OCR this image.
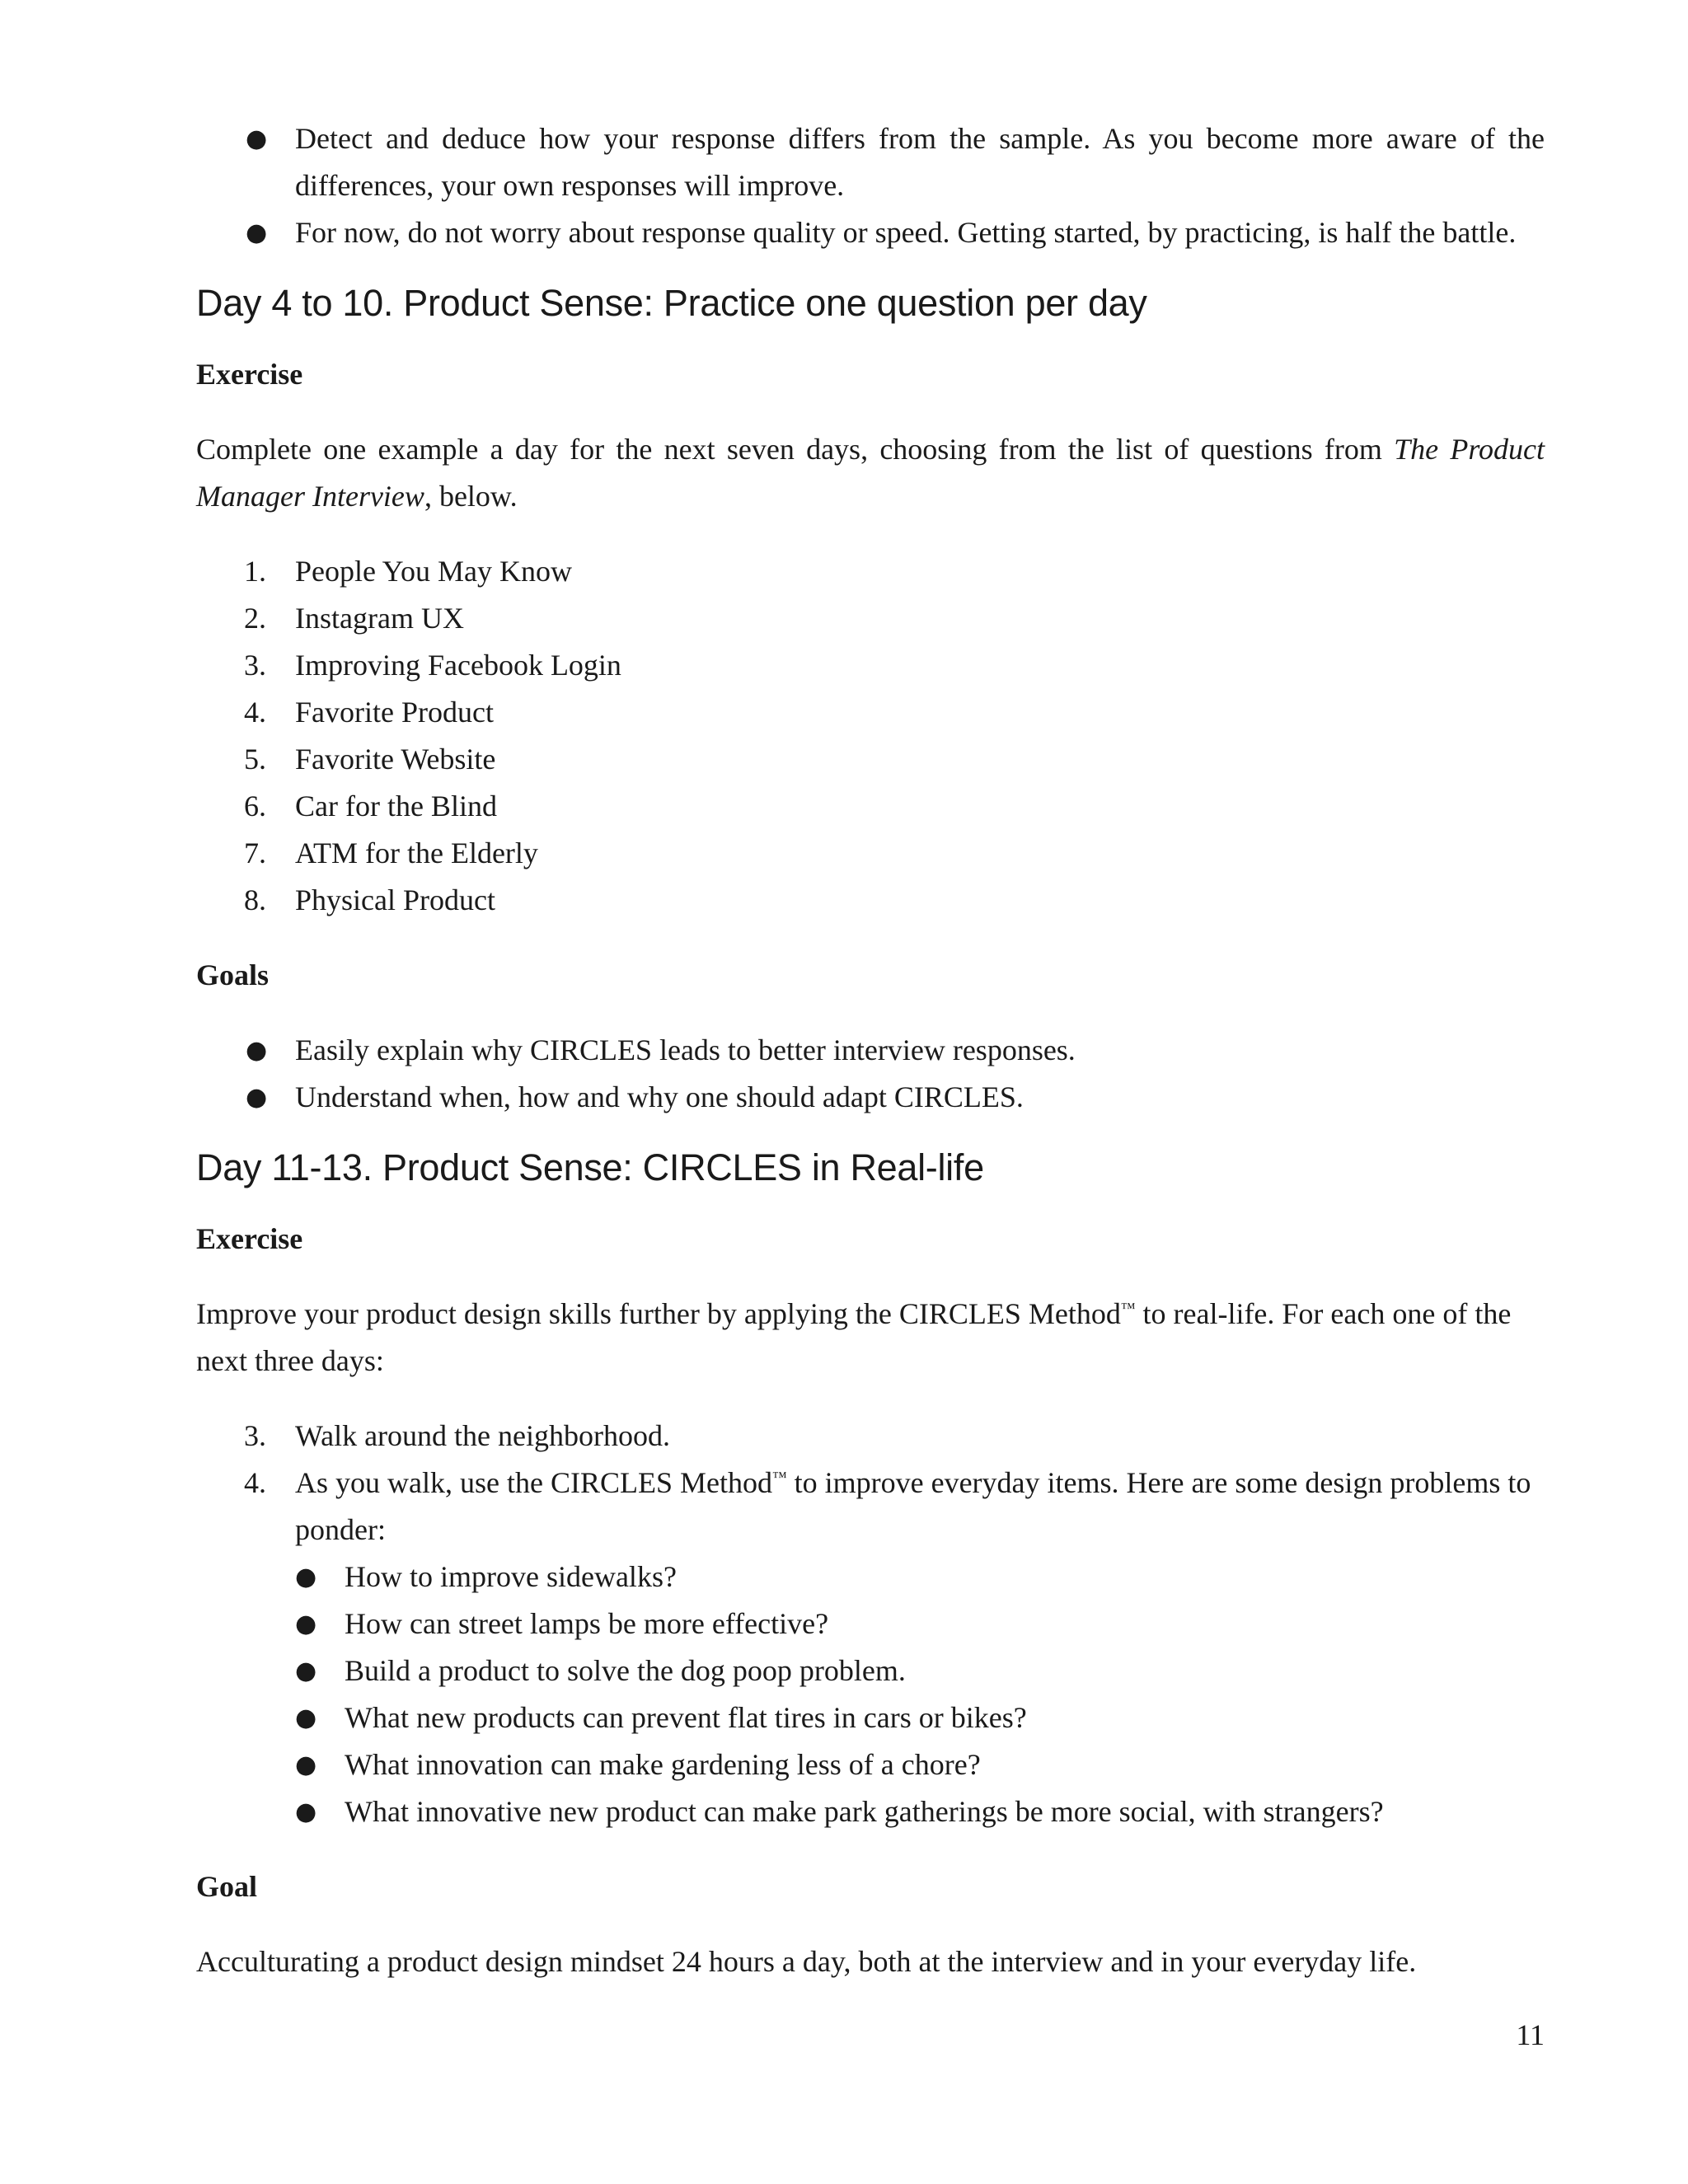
● Detect and deduce how your response differs from the sample. As you become more aware of the differences, your own responses will improve.
● For now, do not worry about response quality or speed. Getting started, by practicing, is half the battle.
Day 4 to 10. Product Sense: Practice one question per day

Exercise

Complete one example a day for the next seven days, choosing from the list of questions from The Product Manager Interview, below.

1. People You May Know
2. Instagram UX
3. Improving Facebook Login
4. Favorite Product
5. Favorite Website
6. Car for the Blind
7. ATM for the Elderly
8. Physical Product

Goals

● Easily explain why CIRCLES leads to better interview responses.
● Understand when, how and why one should adapt CIRCLES.
Day 11-13. Product Sense: CIRCLES in Real-life

Exercise

Improve your product design skills further by applying the CIRCLES Method™ to real-life. For each one of the next three days:

3. Walk around the neighborhood.
4. As you walk, use the CIRCLES Method™ to improve everyday items. Here are some design problems to ponder:
● How to improve sidewalks?
● How can street lamps be more effective?
● Build a product to solve the dog poop problem.
● What new products can prevent flat tires in cars or bikes?
● What innovation can make gardening less of a chore?
● What innovative new product can make park gatherings be more social, with strangers?

Goal

Acculturating a product design mindset 24 hours a day, both at the interview and in your everyday life.

11
